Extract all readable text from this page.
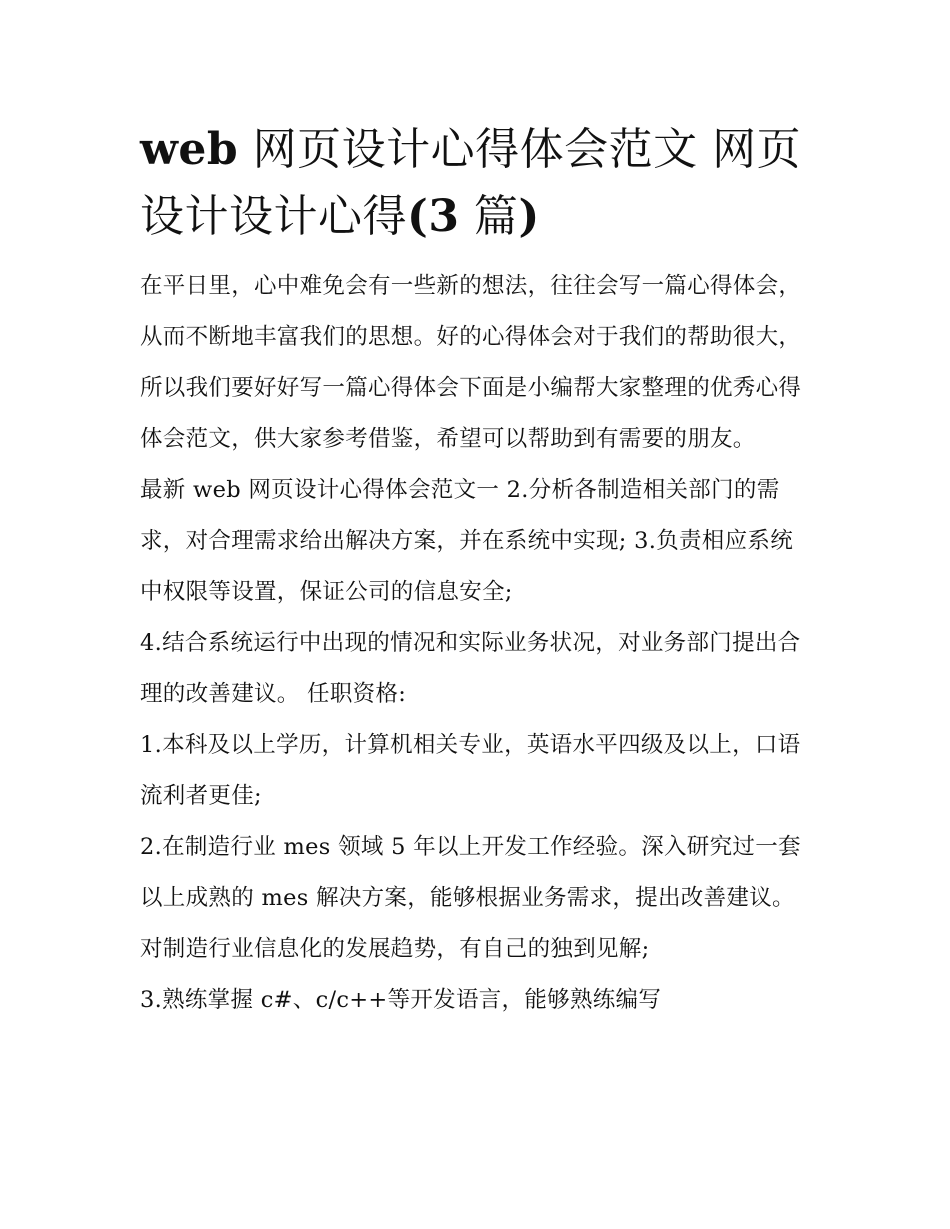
web 网页设计心得体会范文 网页设计设计心得(3 篇)

在平日里，心中难免会有一些新的想法，往往会写一篇心得体会，从而不断地丰富我们的思想。好的心得体会对于我们的帮助很大，所以我们要好好写一篇心得体会下面是小编帮大家整理的优秀心得体会范文，供大家参考借鉴，希望可以帮助到有需要的朋友。

最新 web 网页设计心得体会范文一 2.分析各制造相关部门的需求，对合理需求给出解决方案，并在系统中实现; 3.负责相应系统中权限等设置，保证公司的信息安全;

4.结合系统运行中出现的情况和实际业务状况，对业务部门提出合理的改善建议。 任职资格:

1.本科及以上学历，计算机相关专业，英语水平四级及以上，口语流利者更佳;

2.在制造行业 mes 领域 5 年以上开发工作经验。深入研究过一套以上成熟的 mes 解决方案，能够根据业务需求，提出改善建议。对制造行业信息化的发展趋势，有自己的独到见解;

3.熟练掌握 c#、c/c++等开发语言，能够熟练编写
